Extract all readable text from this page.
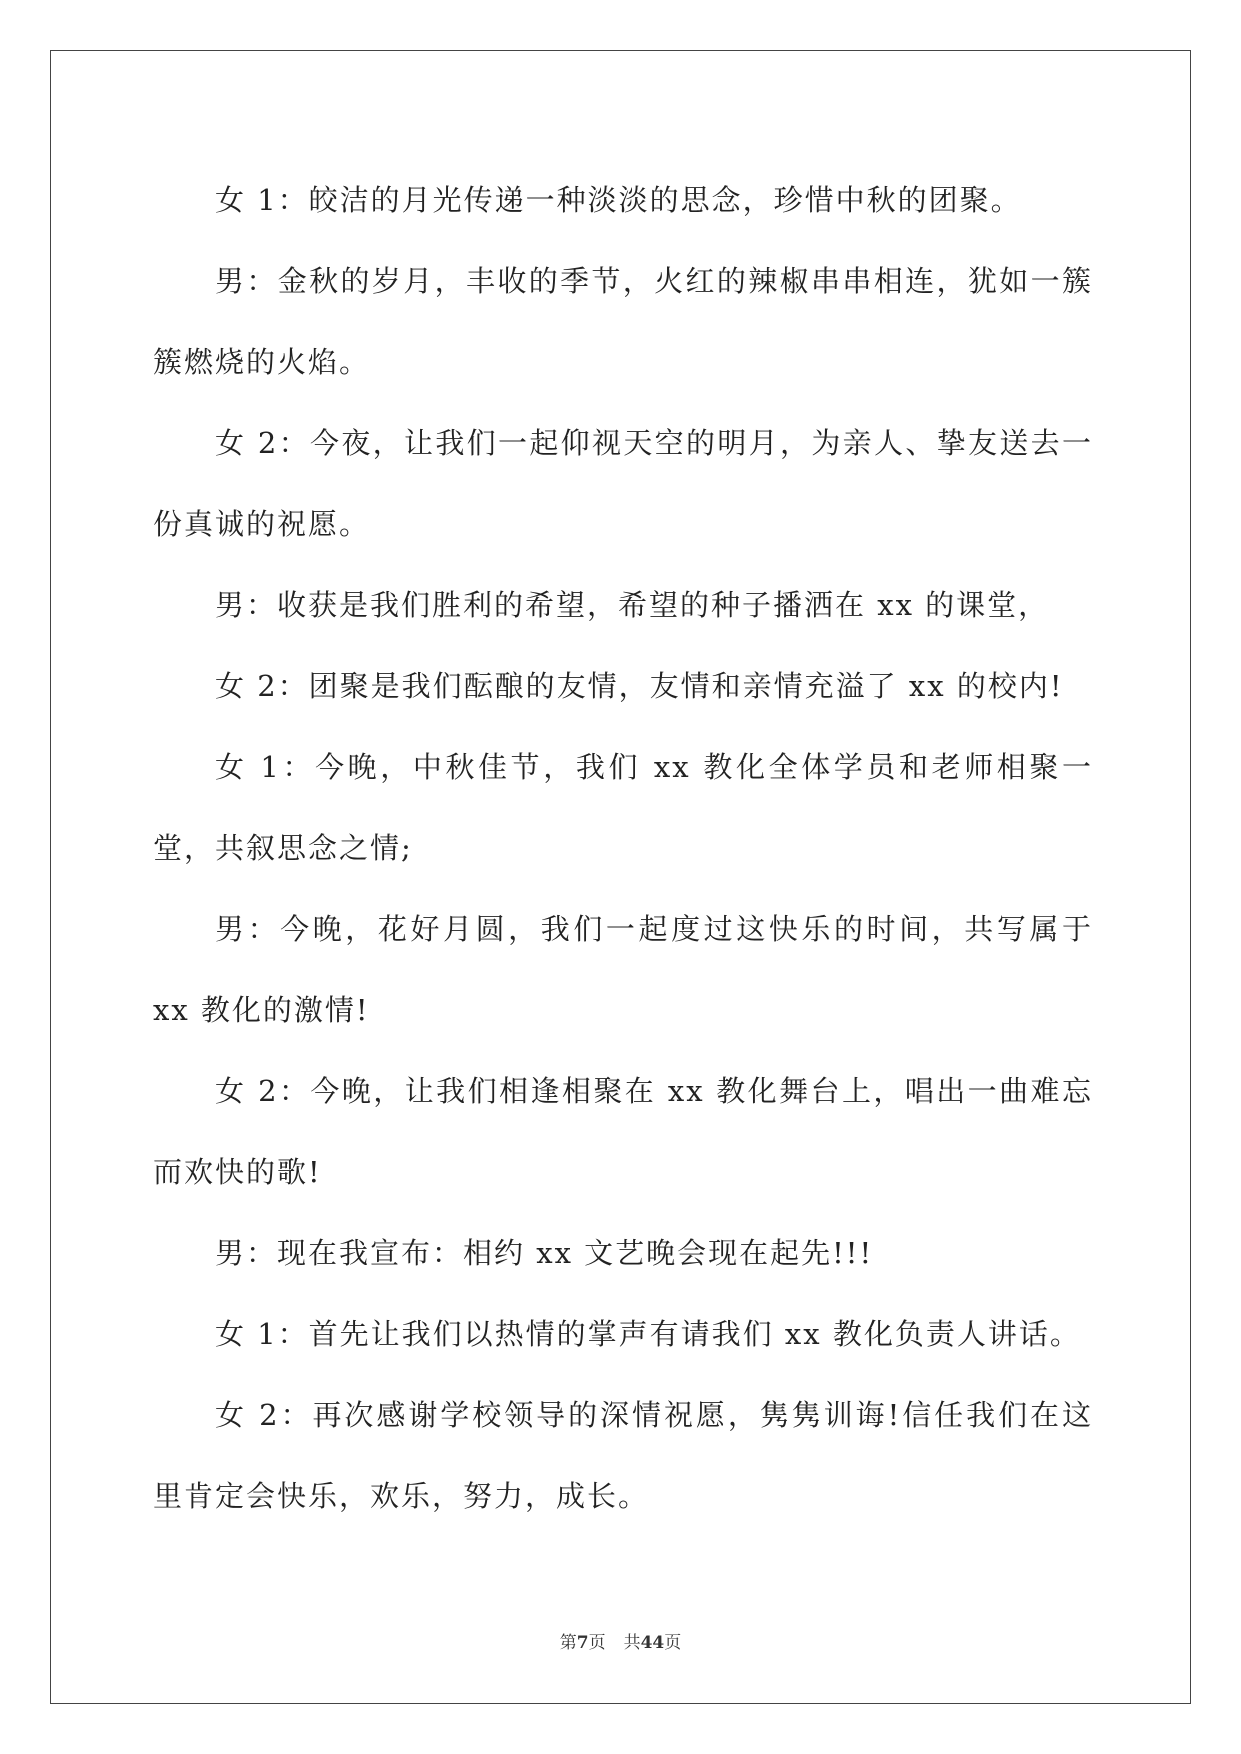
女 1：皎洁的月光传递一种淡淡的思念，珍惜中秋的团聚。

男：金秋的岁月，丰收的季节，火红的辣椒串串相连，犹如一簇簇燃烧的火焰。

女 2：今夜，让我们一起仰视天空的明月，为亲人、挚友送去一份真诚的祝愿。

男：收获是我们胜利的希望，希望的种子播洒在 xx 的课堂，

女 2：团聚是我们酝酿的友情，友情和亲情充溢了 xx 的校内!

女 1：今晚，中秋佳节，我们 xx 教化全体学员和老师相聚一堂，共叙思念之情;

男：今晚，花好月圆，我们一起度过这快乐的时间，共写属于 xx 教化的激情!

女 2：今晚，让我们相逢相聚在 xx 教化舞台上，唱出一曲难忘而欢快的歌!

男：现在我宣布：相约 xx 文艺晚会现在起先!!!

女 1：首先让我们以热情的掌声有请我们 xx 教化负责人讲话。

女 2：再次感谢学校领导的深情祝愿，隽隽训诲!信任我们在这里肯定会快乐，欢乐，努力，成长。

第7页 共44页
